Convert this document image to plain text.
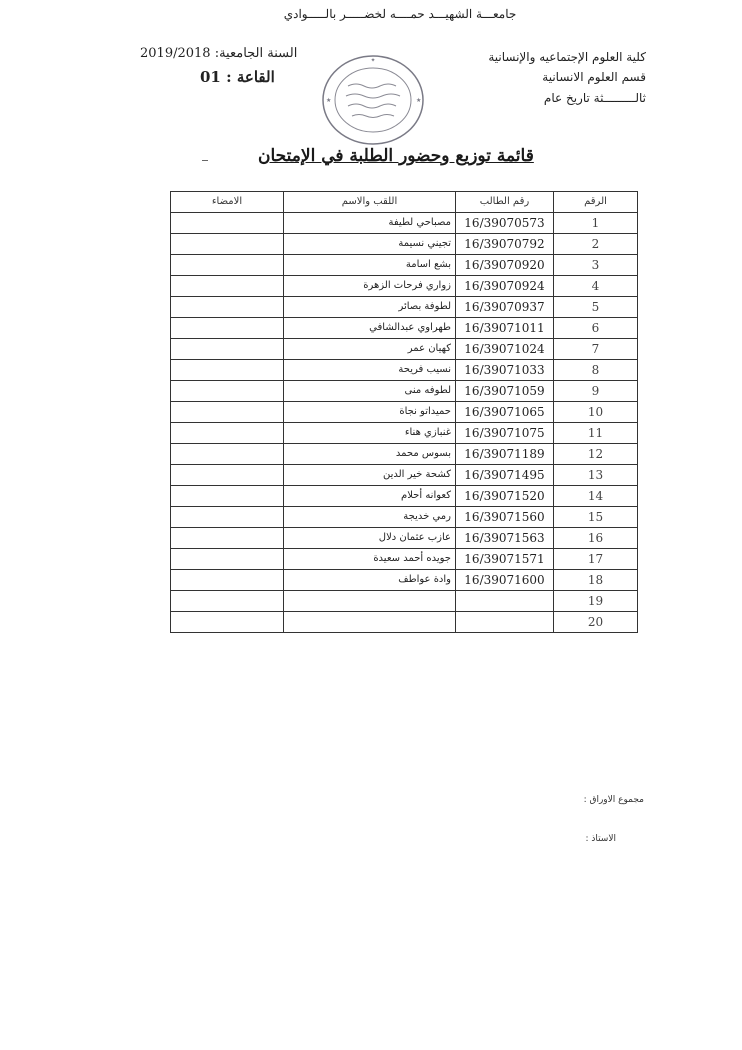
جامعـــة الشهيـــد حمــــه لخضـــــر بالـــــوادي
كلية العلوم الإجتماعيه والإنسانية
قسم العلوم الانسانية
ثالـــــــــثة تاريخ عام
السنة الجامعية: 2019/2018
القاعة : 01
✦
★	★
قائمة توزيع وحضور الطلبة في الإمتحان
الرقم	رقم الطالب	اللقب والاسم	الامضاء
1	16/39070573	مصباحي لطيفة	
2	16/39070792	تجيني نسيمة	
3	16/39070920	بشع اسامة	
4	16/39070924	زواري فرحات الزهرة	
5	16/39070937	لطوفة بصائر	
6	16/39071011	طهراوي عبدالشافي	
7	16/39071024	كهيان عمر	
8	16/39071033	نسيب فريحة	
9	16/39071059	لطوفه منى	
10	16/39071065	حميداتو نجاة	
11	16/39071075	غنبازي هناء	
12	16/39071189	بسوس محمد	
13	16/39071495	كشحة خير الدين	
14	16/39071520	كعوانه أحلام	
15	16/39071560	رمي خديجة	
16	16/39071563	عازب عثمان دلال	
17	16/39071571	جويده أحمد سعيدة	
18	16/39071600	وادة عواطف	
19			
20			
مجموع الاوراق :
الاستاذ :
